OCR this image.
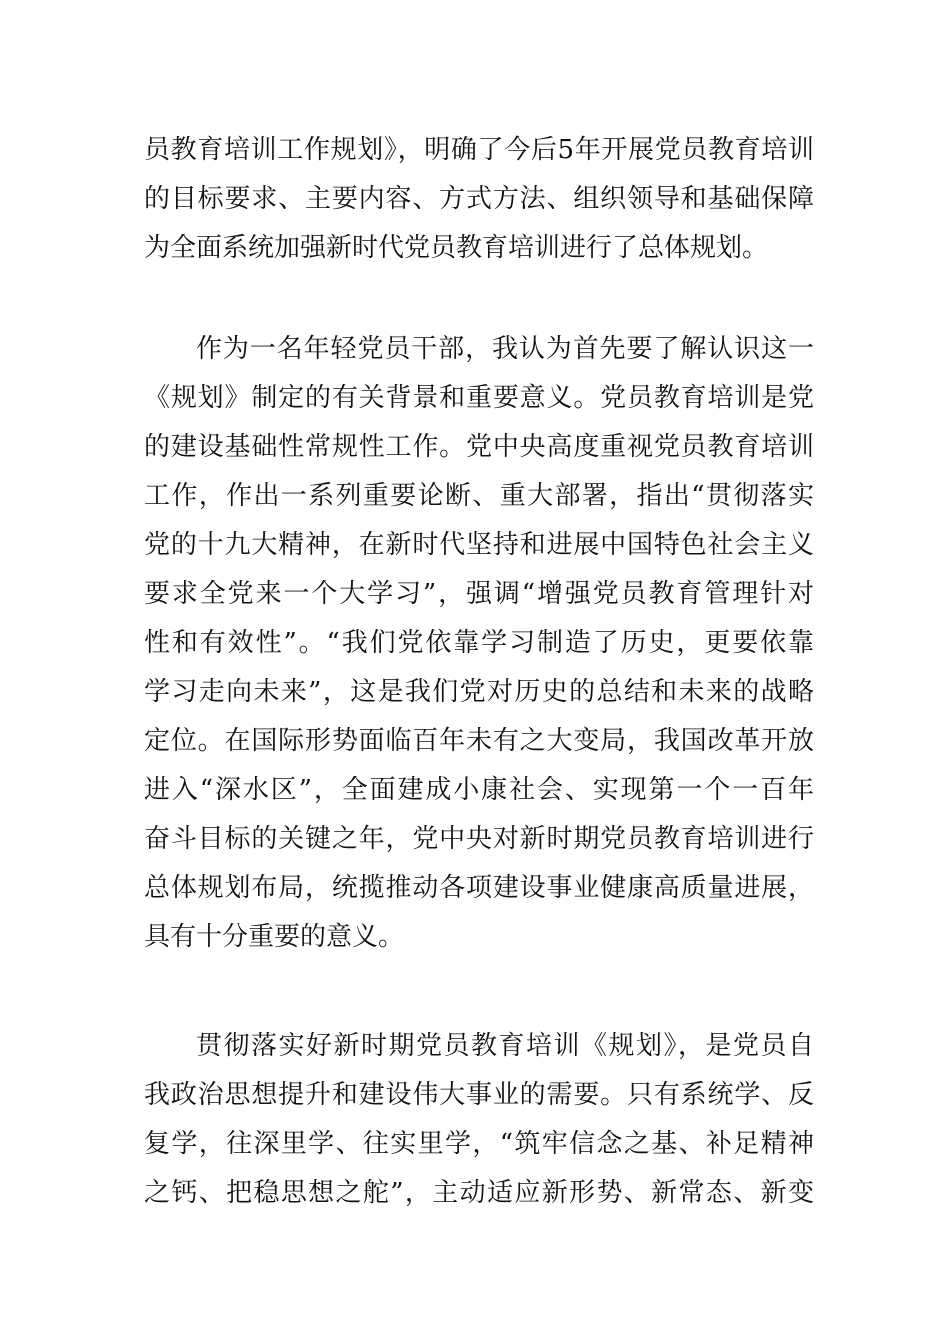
员教育培训工作规划》，明确了今后5年开展党员教育培训
的目标要求、主要内容、方式方法、组织领导和基础保障
为全面系统加强新时代党员教育培训进行了总体规划。
作为一名年轻党员干部，我认为首先要了解认识这一
《规划》制定的有关背景和重要意义。党员教育培训是党
的建设基础性常规性工作。党中央高度重视党员教育培训
工作，作出一系列重要论断、重大部署，指出“贯彻落实
党的十九大精神，在新时代坚持和进展中国特色社会主义
要求全党来一个大学习”，强调“增强党员教育管理针对
性和有效性”。“我们党依靠学习制造了历史，更要依靠
学习走向未来”，这是我们党对历史的总结和未来的战略
定位。在国际形势面临百年未有之大变局，我国改革开放
进入“深水区”，全面建成小康社会、实现第一个一百年
奋斗目标的关键之年，党中央对新时期党员教育培训进行
总体规划布局，统揽推动各项建设事业健康高质量进展，
具有十分重要的意义。
贯彻落实好新时期党员教育培训《规划》，是党员自
我政治思想提升和建设伟大事业的需要。只有系统学、反
复学，往深里学、往实里学，“筑牢信念之基、补足精神
之钙、把稳思想之舵”，主动适应新形势、新常态、新变
